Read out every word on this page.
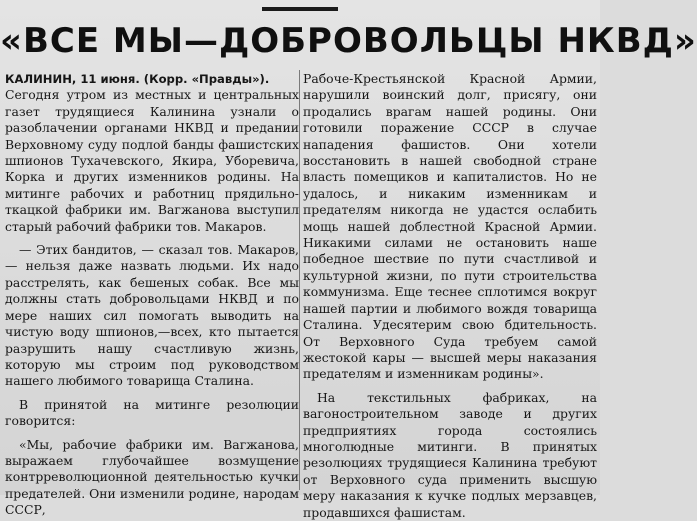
«ВСЕ МЫ—ДОБРОВОЛЬЦЫ НКВД»

КАЛИНИН, 11 июня. (Корр. «Правды»).

Сегодня утром из местных и центральных газет трудящиеся Калинина узнали о разоблачении органами НКВД и предании Верховному суду подлой банды фашистских шпионов Тухачевского, Якира, Уборевича, Корка и других изменников родины. На митинге рабочих и работниц прядильно-ткацкой фабрики им. Вагжанова выступил старый рабочий фабрики тов. Макаров.

— Этих бандитов, — сказал тов. Макаров, — нельзя даже назвать людьми. Их надо расстрелять, как бешеных собак. Все мы должны стать добровольцами НКВД и по мере наших сил помогать выводить на чистую воду шпионов,—всех, кто пытается разрушить нашу счастливую жизнь, которую мы строим под руководством нашего любимого товарища Сталина.

В принятой на митинге резолюции говорится:

«Мы, рабочие фабрики им. Вагжанова, выражаем глубочайшее возмущение контрреволюционной деятельностью кучки предателей. Они изменили родине, народам СССР,

Рабоче-Крестьянской Красной Армии, нарушили воинский долг, присягу, они продались врагам нашей родины. Они готовили поражение СССР в случае нападения фашистов. Они хотели восстановить в нашей свободной стране власть помещиков и капиталистов. Но не удалось, и никаким изменникам и предателям никогда не удастся ослабить мощь нашей доблестной Красной Армии. Никакими силами не остановить наше победное шествие по пути счастливой и культурной жизни, по пути строительства коммунизма. Еще теснее сплотимся вокруг нашей партии и любимого вождя товарища Сталина. Удесятерим свою бдительность. От Верховного Суда требуем самой жестокой кары — высшей меры наказания предателям и изменникам родины».

На текстильных фабриках, на вагоностроительном заводе и других предприятиях города состоялись многолюдные митинги. В принятых резолюциях трудящиеся Калинина требуют от Верховного суда применить высшую меру наказания к кучке подлых мерзавцев, продавшихся фашистам.
